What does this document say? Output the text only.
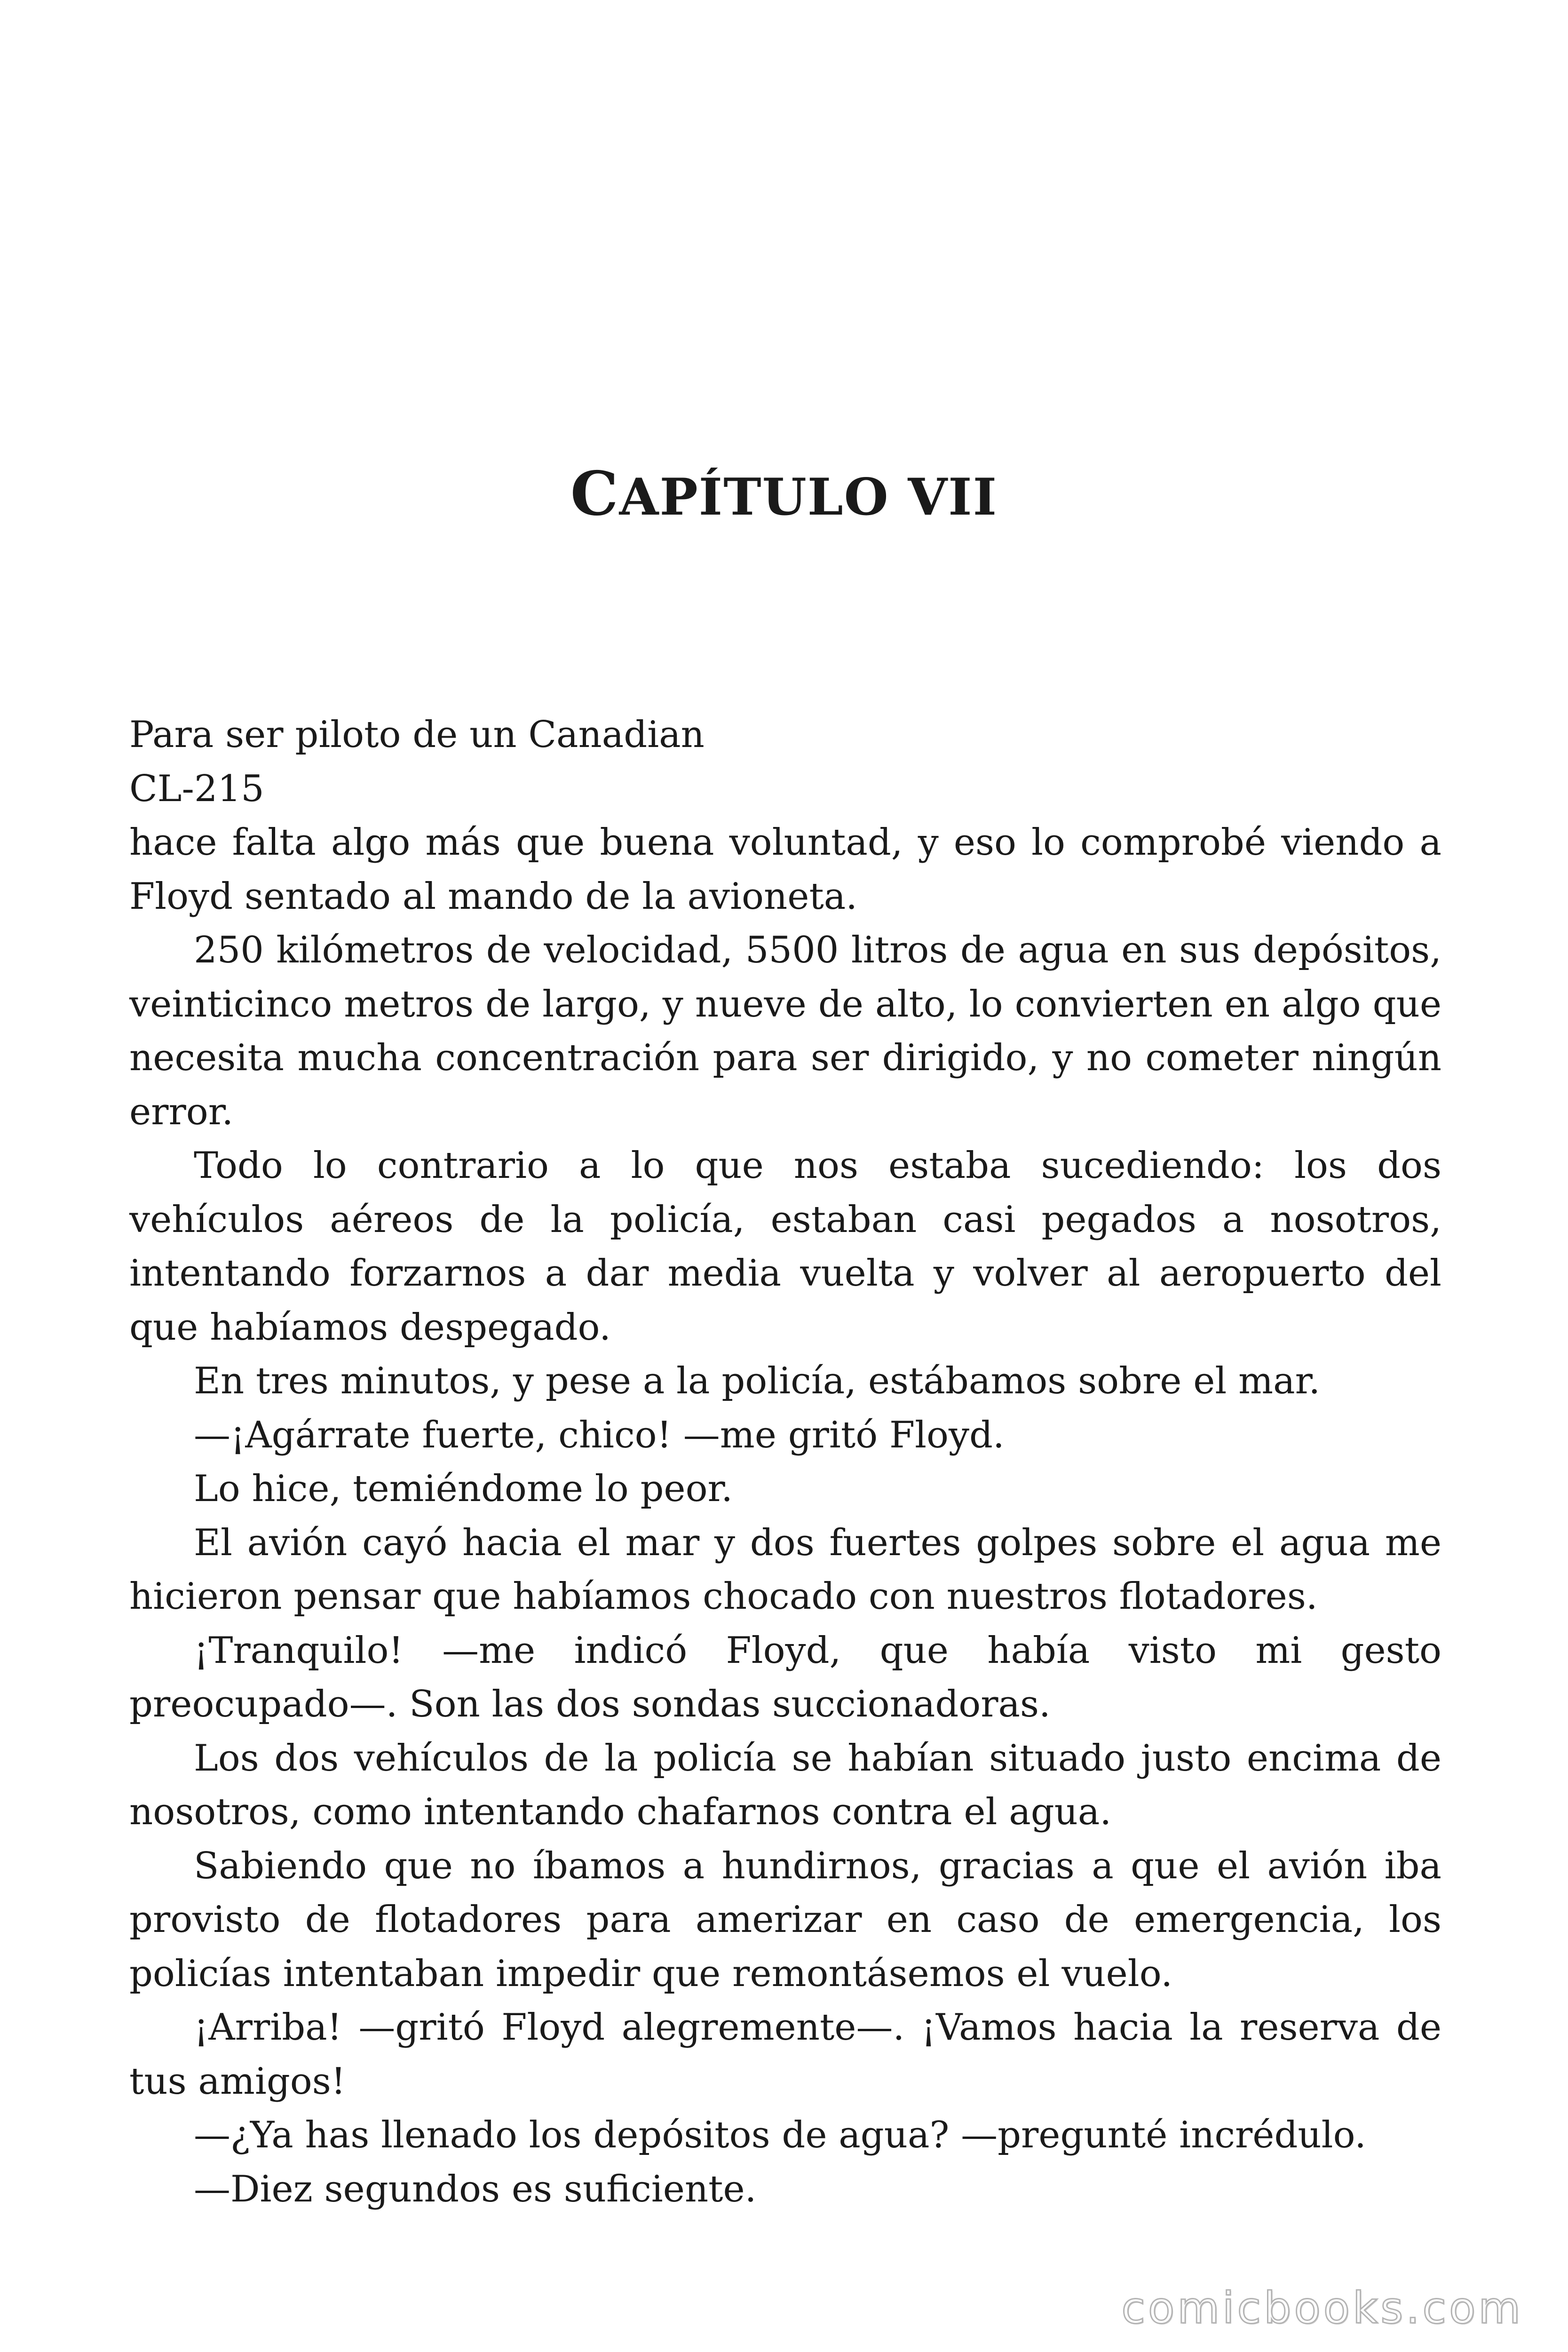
CAPÍTULO VII

Para ser piloto de un Canadian

CL-215

hace falta algo más que buena voluntad, y eso lo comprobé viendo a Floyd sentado al mando de la avioneta.

250 kilómetros de velocidad, 5500 litros de agua en sus depósitos, veinticinco metros de largo, y nueve de alto, lo convierten en algo que necesita mucha concentración para ser dirigido, y no cometer ningún error.

Todo lo contrario a lo que nos estaba sucediendo: los dos vehículos aéreos de la policía, estaban casi pegados a nosotros, intentando forzarnos a dar media vuelta y volver al aeropuerto del que habíamos despegado.

En tres minutos, y pese a la policía, estábamos sobre el mar.

—¡Agárrate fuerte, chico! —me gritó Floyd.

Lo hice, temiéndome lo peor.

El avión cayó hacia el mar y dos fuertes golpes sobre el agua me hicieron pensar que habíamos chocado con nuestros flotadores.

¡Tranquilo! —me indicó Floyd, que había visto mi gesto preocupado—. Son las dos sondas succionadoras.

Los dos vehículos de la policía se habían situado justo encima de nosotros, como intentando chafarnos contra el agua.

Sabiendo que no íbamos a hundirnos, gracias a que el avión iba provisto de flotadores para amerizar en caso de emergencia, los policías intentaban impedir que remontásemos el vuelo.

¡Arriba! —gritó Floyd alegremente—. ¡Vamos hacia la reserva de tus amigos!

—¿Ya has llenado los depósitos de agua? —pregunté incrédulo.

—Diez segundos es suficiente.

comicbooks.com
